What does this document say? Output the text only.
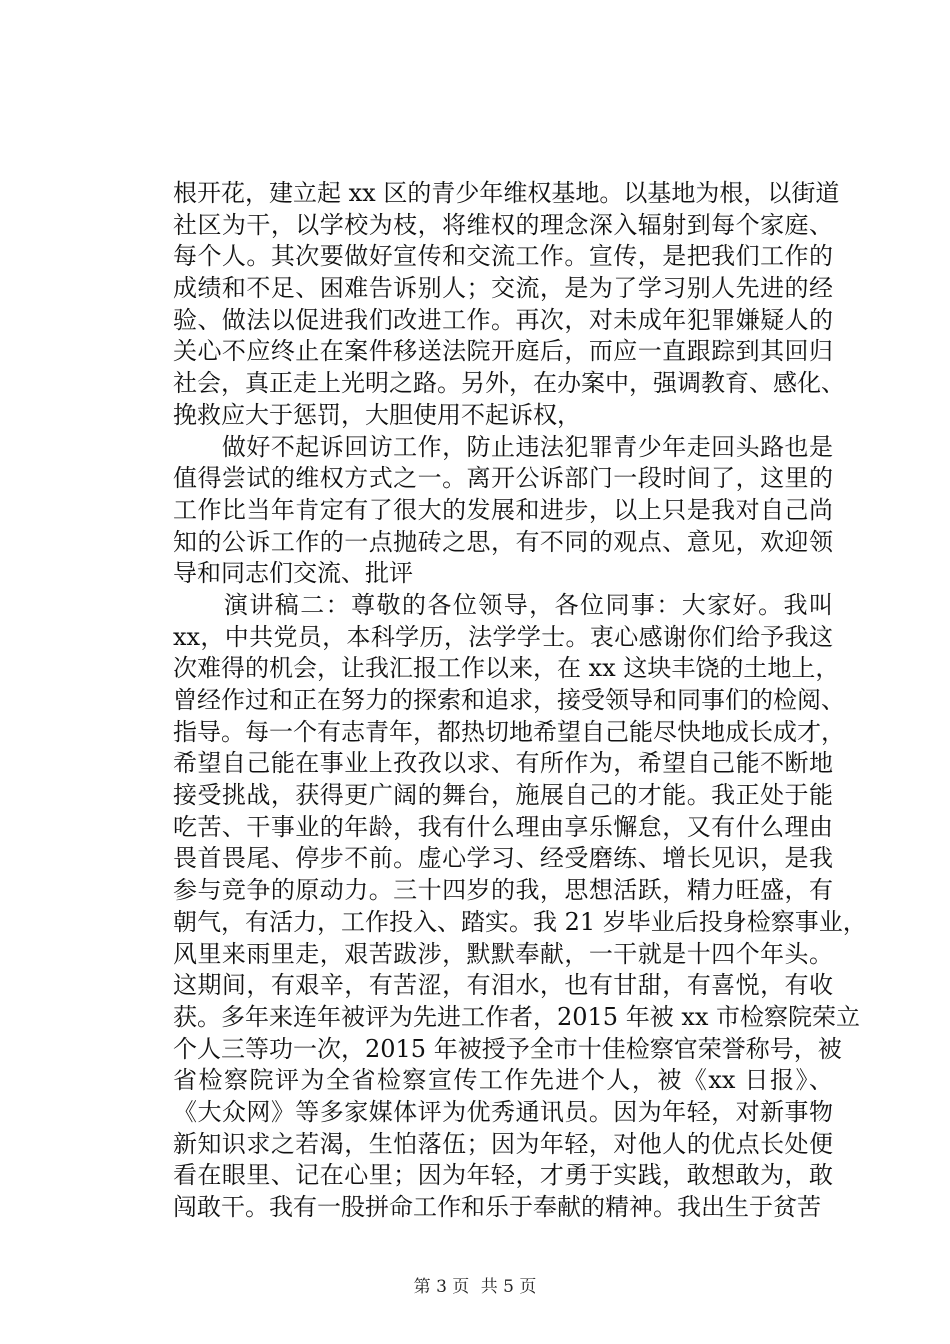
根开花，建立起 xx 区的青少年维权基地。以基地为根，以街道
社区为干，以学校为枝，将维权的理念深入辐射到每个家庭、
每个人。其次要做好宣传和交流工作。宣传，是把我们工作的
成绩和不足、困难告诉别人；交流，是为了学习别人先进的经
验、做法以促进我们改进工作。再次，对未成年犯罪嫌疑人的
关心不应终止在案件移送法院开庭后，而应一直跟踪到其回归
社会，真正走上光明之路。另外，在办案中，强调教育、感化、
挽救应大于惩罚，大胆使用不起诉权，
　　做好不起诉回访工作，防止违法犯罪青少年走回头路也是
值得尝试的维权方式之一。离开公诉部门一段时间了，这里的
工作比当年肯定有了很大的发展和进步，以上只是我对自己尚
知的公诉工作的一点抛砖之思，有不同的观点、意见，欢迎领
导和同志们交流、批评
　　演讲稿二：尊敬的各位领导，各位同事：大家好。我叫
xx，中共党员，本科学历，法学学士。衷心感谢你们给予我这
次难得的机会，让我汇报工作以来，在 xx 这块丰饶的土地上，
曾经作过和正在努力的探索和追求，接受领导和同事们的检阅、
指导。每一个有志青年，都热切地希望自己能尽快地成长成才，
希望自己能在事业上孜孜以求、有所作为，希望自己能不断地
接受挑战，获得更广阔的舞台，施展自己的才能。我正处于能
吃苦、干事业的年龄，我有什么理由享乐懈怠，又有什么理由
畏首畏尾、停步不前。虚心学习、经受磨练、增长见识，是我
参与竞争的原动力。三十四岁的我，思想活跃，精力旺盛，有
朝气，有活力，工作投入、踏实。我 21 岁毕业后投身检察事业，
风里来雨里走，艰苦跋涉，默默奉献，一干就是十四个年头。
这期间，有艰辛，有苦涩，有泪水，也有甘甜，有喜悦，有收
获。多年来连年被评为先进工作者，2015 年被 xx 市检察院荣立
个人三等功一次，2015 年被授予全市十佳检察官荣誉称号，被
省检察院评为全省检察宣传工作先进个人，被《xx 日报》、
《大众网》等多家媒体评为优秀通讯员。因为年轻，对新事物
新知识求之若渴，生怕落伍；因为年轻，对他人的优点长处便
看在眼里、记在心里；因为年轻，才勇于实践，敢想敢为，敢
闯敢干。我有一股拼命工作和乐于奉献的精神。我出生于贫苦
第 3 页 共 5 页
